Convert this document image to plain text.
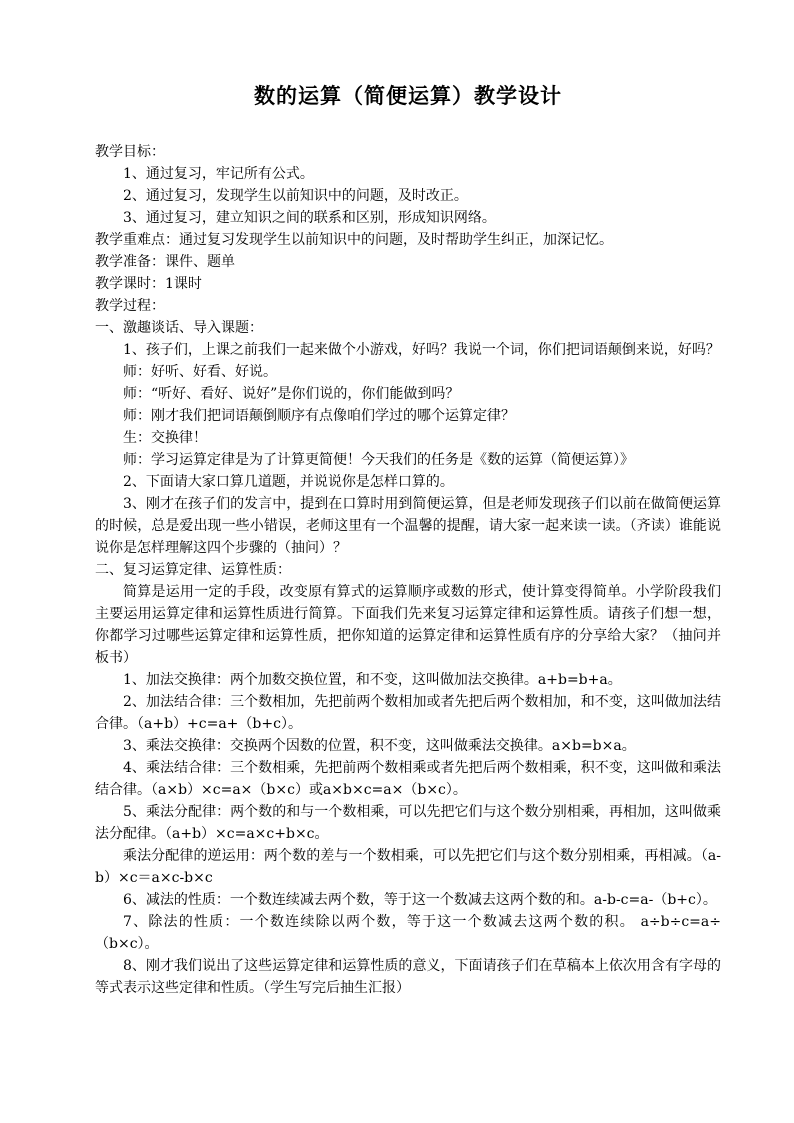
数的运算（简便运算）教学设计
教学目标：
1、通过复习，牢记所有公式。
2、通过复习，发现学生以前知识中的问题，及时改正。
3、通过复习，建立知识之间的联系和区别，形成知识网络。
教学重难点：通过复习发现学生以前知识中的问题，及时帮助学生纠正，加深记忆。
教学准备：课件、题单
教学课时：1课时
教学过程：
一、激趣谈话、导入课题：
1、孩子们，上课之前我们一起来做个小游戏，好吗？我说一个词，你们把词语颠倒来说，好吗？
师：好听、好看、好说。
师：“听好、看好、说好”是你们说的，你们能做到吗？
师：刚才我们把词语颠倒顺序有点像咱们学过的哪个运算定律？
生：交换律！
师：学习运算定律是为了计算更简便！今天我们的任务是《数的运算（简便运算）》
2、下面请大家口算几道题，并说说你是怎样口算的。
3、刚才在孩子们的发言中，提到在口算时用到简便运算，但是老师发现孩子们以前在做简便运算的时候，总是爱出现一些小错误，老师这里有一个温馨的提醒，请大家一起来读一读。（齐读）谁能说说你是怎样理解这四个步骤的（抽问）？
二、复习运算定律、运算性质：
简算是运用一定的手段，改变原有算式的运算顺序或数的形式，使计算变得简单。小学阶段我们主要运用运算定律和运算性质进行简算。下面我们先来复习运算定律和运算性质。请孩子们想一想，你都学习过哪些运算定律和运算性质，把你知道的运算定律和运算性质有序的分享给大家？（抽问并板书）
1、加法交换律：两个加数交换位置，和不变，这叫做加法交换律。a+b=b+a。
2、加法结合律：三个数相加，先把前两个数相加或者先把后两个数相加，和不变，这叫做加法结合律。（a+b）+c=a+（b+c）。
3、乘法交换律：交换两个因数的位置，积不变，这叫做乘法交换律。a×b=b×a。
4、乘法结合律：三个数相乘，先把前两个数相乘或者先把后两个数相乘，积不变，这叫做和乘法结合律。（a×b）×c=a×（b×c）或a×b×c=a×（b×c）。
5、乘法分配律：两个数的和与一个数相乘，可以先把它们与这个数分别相乘，再相加，这叫做乘法分配律。（a+b）×c=a×c+b×c。
乘法分配律的逆运用：两个数的差与一个数相乘，可以先把它们与这个数分别相乘，再相减。（a-b）×c＝a×c-b×c
6、减法的性质：一个数连续减去两个数，等于这一个数减去这两个数的和。a-b-c=a-（b+c）。
7、除法的性质：一个数连续除以两个数，等于这一个数减去这两个数的积。 a÷b÷c=a÷（b×c）。
8、刚才我们说出了这些运算定律和运算性质的意义，下面请孩子们在草稿本上依次用含有字母的等式表示这些定律和性质。（学生写完后抽生汇报）
